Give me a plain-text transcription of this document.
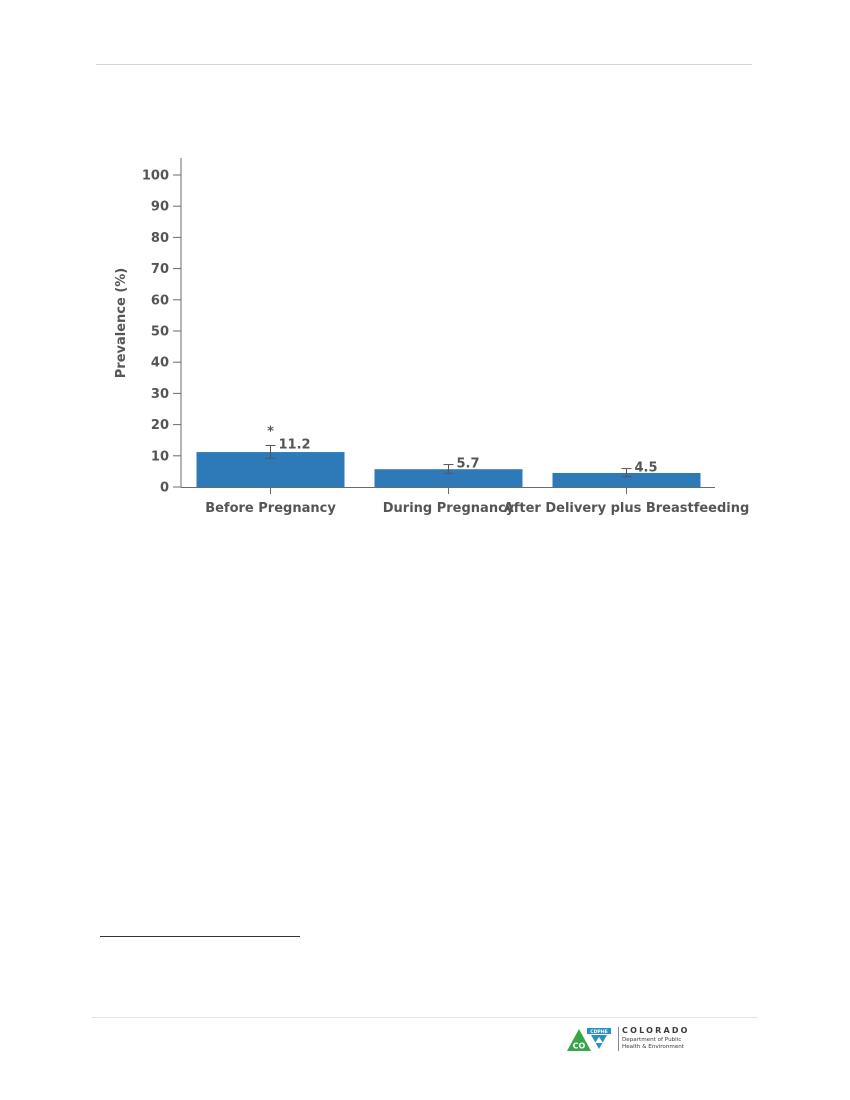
0
10
20
30
40
50
60
70
80
90
100
Prevalence (%)
11.2
Before Pregnancy
5.7
During Pregnancy
4.5
After Delivery plus Breastfeeding
*
CO
CDPHE COLORADO
Department of Public
Health & Environment
